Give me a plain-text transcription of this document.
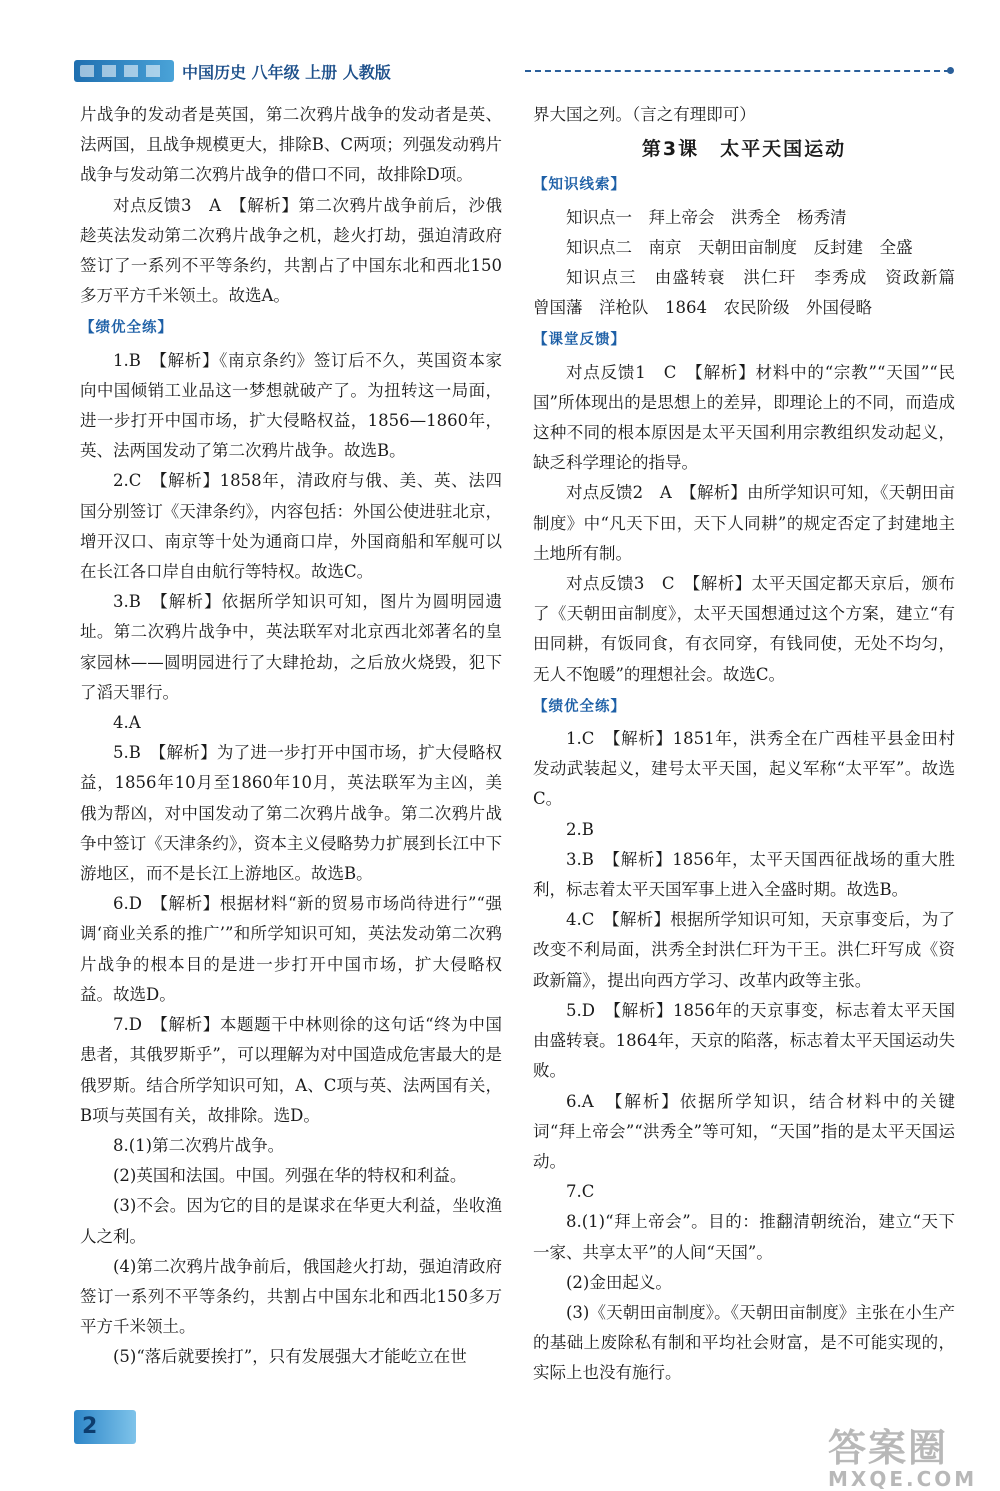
中国历史 八年级 上册 人教版

片战争的发动者是英国，第二次鸦片战争的发动者是英、法两国，且战争规模更大，排除B、C两项；列强发动鸦片战争与发动第二次鸦片战争的借口不同，故排除D项。

对点反馈3　A　【解析】第二次鸦片战争前后，沙俄趁英法发动第二次鸦片战争之机，趁火打劫，强迫清政府签订了一系列不平等条约，共割占了中国东北和西北150多万平方千米领土。故选A。

【绩优全练】

1.B　【解析】《南京条约》签订后不久，英国资本家向中国倾销工业品这一梦想就破产了。为扭转这一局面，进一步打开中国市场，扩大侵略权益，1856—1860年，英、法两国发动了第二次鸦片战争。故选B。

2.C　【解析】1858年，清政府与俄、美、英、法四国分别签订《天津条约》，内容包括：外国公使进驻北京，增开汉口、南京等十处为通商口岸，外国商船和军舰可以在长江各口岸自由航行等特权。故选C。

3.B　【解析】依据所学知识可知，图片为圆明园遗址。第二次鸦片战争中，英法联军对北京西北郊著名的皇家园林——圆明园进行了大肆抢劫，之后放火烧毁，犯下了滔天罪行。

4.A

5.B　【解析】为了进一步打开中国市场，扩大侵略权益，1856年10月至1860年10月，英法联军为主凶，美俄为帮凶，对中国发动了第二次鸦片战争。第二次鸦片战争中签订《天津条约》，资本主义侵略势力扩展到长江中下游地区，而不是长江上游地区。故选B。

6.D　【解析】根据材料“新的贸易市场尚待进行”“强调‘商业关系的推广’”和所学知识可知，英法发动第二次鸦片战争的根本目的是进一步打开中国市场，扩大侵略权益。故选D。

7.D　【解析】本题题干中林则徐的这句话“终为中国患者，其俄罗斯乎”，可以理解为对中国造成危害最大的是俄罗斯。结合所学知识可知，A、C项与英、法两国有关，B项与英国有关，故排除。选D。

8.(1)第二次鸦片战争。

(2)英国和法国。中国。列强在华的特权和利益。

(3)不会。因为它的目的是谋求在华更大利益，坐收渔人之利。

(4)第二次鸦片战争前后，俄国趁火打劫，强迫清政府签订一系列不平等条约，共割占中国东北和西北150多万平方千米领土。

(5)“落后就要挨打”，只有发展强大才能屹立在世

界大国之列。（言之有理即可）

第3课　太平天国运动
【知识线索】

知识点一　拜上帝会　洪秀全　杨秀清

知识点二　南京　天朝田亩制度　反封建　全盛

知识点三　由盛转衰　洪仁玕　李秀成　资政新篇　曾国藩　洋枪队　1864　农民阶级　外国侵略

【课堂反馈】

对点反馈1　C　【解析】材料中的“宗教”“天国”“民国”所体现出的是思想上的差异，即理论上的不同，而造成这种不同的根本原因是太平天国利用宗教组织发动起义，缺乏科学理论的指导。

对点反馈2　A　【解析】由所学知识可知，《天朝田亩制度》中“凡天下田，天下人同耕”的规定否定了封建地主土地所有制。

对点反馈3　C　【解析】太平天国定都天京后，颁布了《天朝田亩制度》，太平天国想通过这个方案，建立“有田同耕，有饭同食，有衣同穿，有钱同使，无处不均匀，无人不饱暖”的理想社会。故选C。

【绩优全练】

1.C　【解析】1851年，洪秀全在广西桂平县金田村发动武装起义，建号太平天国，起义军称“太平军”。故选C。

2.B

3.B　【解析】1856年，太平天国西征战场的重大胜利，标志着太平天国军事上进入全盛时期。故选B。

4.C　【解析】根据所学知识可知，天京事变后，为了改变不利局面，洪秀全封洪仁玕为干王。洪仁玕写成《资政新篇》，提出向西方学习、改革内政等主张。

5.D　【解析】1856年的天京事变，标志着太平天国由盛转衰。1864年，天京的陷落，标志着太平天国运动失败。

6.A　【解析】依据所学知识，结合材料中的关键词“拜上帝会”“洪秀全”等可知，“天国”指的是太平天国运动。

7.C

8.(1)“拜上帝会”。目的：推翻清朝统治，建立“天下一家、共享太平”的人间“天国”。

(2)金田起义。

(3)《天朝田亩制度》。《天朝田亩制度》主张在小生产的基础上废除私有制和平均社会财富，是不可能实现的，实际上也没有施行。

2	答案圈
MXQE.COM
